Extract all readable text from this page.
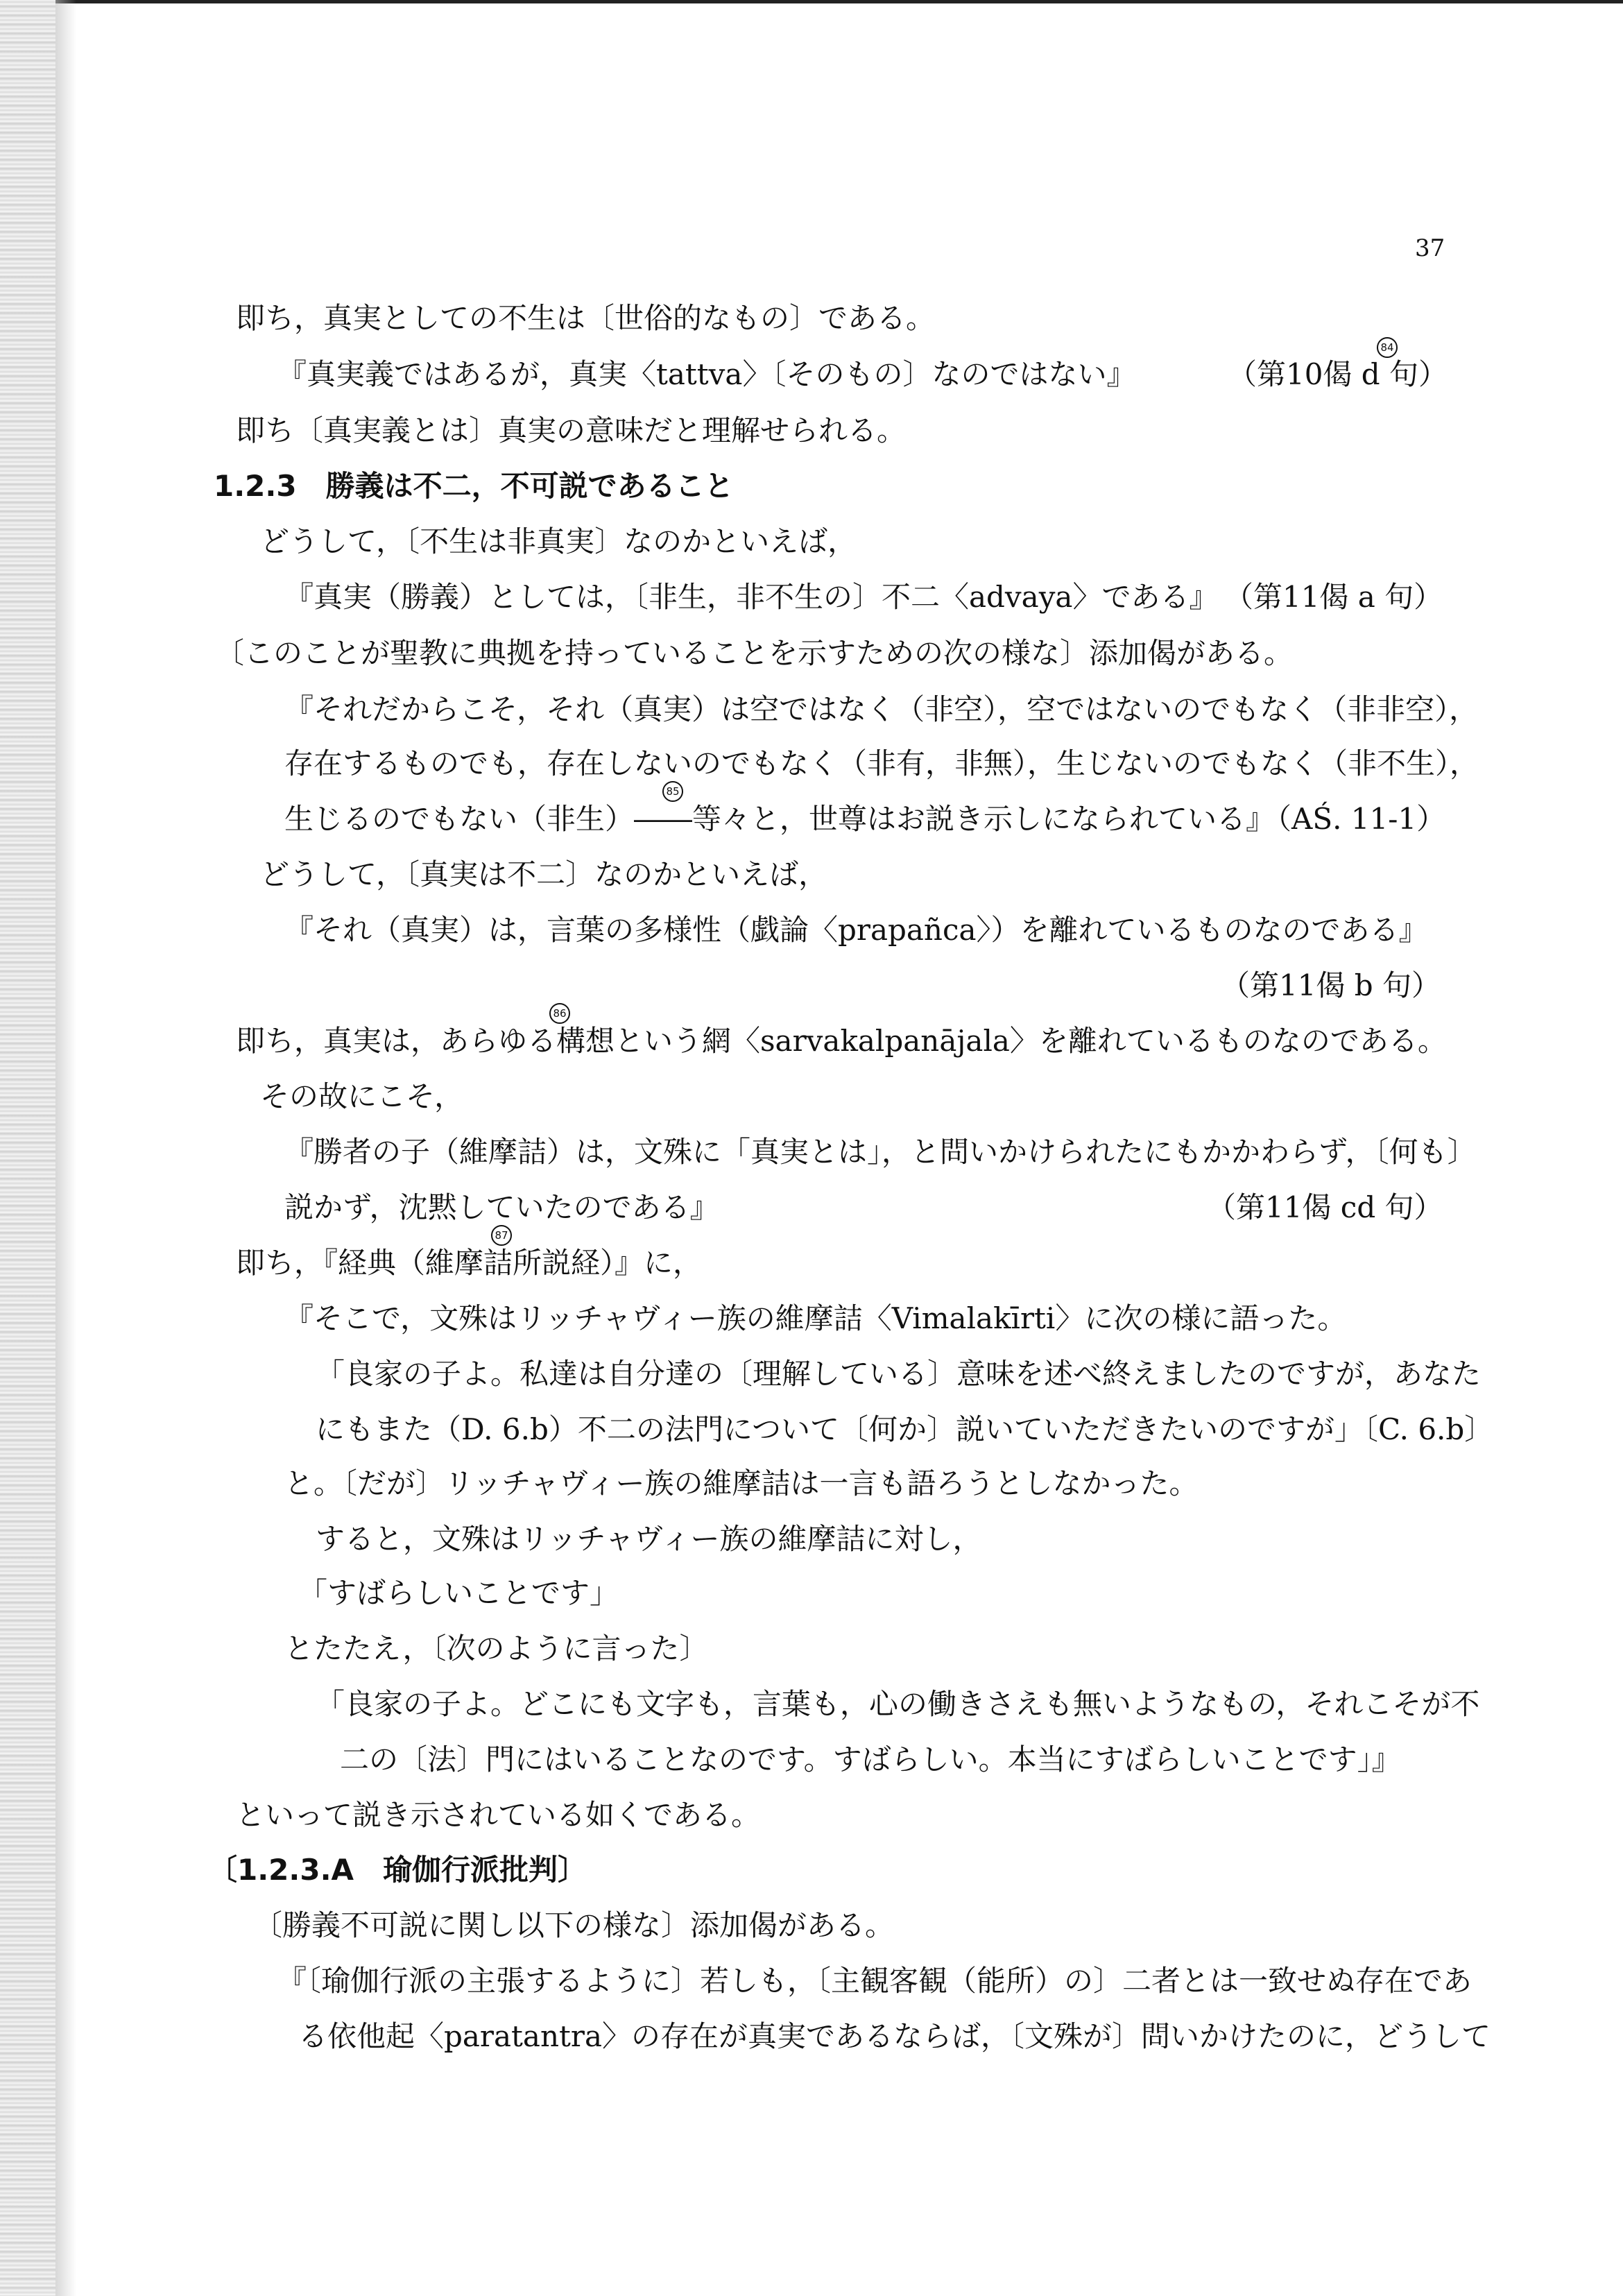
37
即ち，真実としての不生は〔世俗的なもの〕である。
『真実義ではあるが，真実〈tattva〉〔そのもの〕なのではない』
即ち〔真実義とは〕真実の意味だと理解せられる。
1.2.3　勝義は不二，不可説であること
どうして，〔不生は非真実〕なのかといえば，
『真実（勝義）としては，〔非生，非不生の〕不二〈advaya〉である』
〔このことが聖教に典拠を持っていることを示すための次の様な〕添加偈がある。
『それだからこそ，それ（真実）は空ではなく（非空），空ではないのでもなく（非非空），
存在するものでも，存在しないのでもなく（非有，非無），生じないのでもなく（非不生），
生じるのでもない（非生）――等々と，世尊はお説き示しになられている』
どうして，〔真実は不二〕なのかといえば，
『それ（真実）は，言葉の多様性（戯論〈prapañca〉）を離れているものなのである』
即ち，真実は，あらゆる構想という網〈sarvakalpanājala〉を離れているものなのである。
その故にこそ，
『勝者の子（維摩詰）は，文殊に「真実とは」，と問いかけられたにもかかわらず，〔何も〕
説かず，沈黙していたのである』
即ち，『経典（維摩詰所説経）』に，
『そこで，文殊はリッチャヴィー族の維摩詰〈Vimalakīrti〉に次の様に語った。
「良家の子よ。私達は自分達の〔理解している〕意味を述べ終えましたのですが，あなた
にもまた（D. 6.b）不二の法門について〔何か〕説いていただきたいのですが」〔C. 6.b〕
と。〔だが〕リッチャヴィー族の維摩詰は一言も語ろうとしなかった。
すると，文殊はリッチャヴィー族の維摩詰に対し，
「すばらしいことです」
とたたえ，〔次のように言った〕
「良家の子よ。どこにも文字も，言葉も，心の働きさえも無いようなもの，それこそが不
二の〔法〕門にはいることなのです。すばらしい。本当にすばらしいことです」』
といって説き示されている如くである。
〔1.2.3.A　瑜伽行派批判〕
〔勝義不可説に関し以下の様な〕添加偈がある。
『〔瑜伽行派の主張するように〕若しも，〔主観客観（能所）の〕二者とは一致せぬ存在であ
る依他起〈paratantra〉の存在が真実であるならば，〔文殊が〕問いかけたのに，どうして
（第10偈 d 句）
（第11偈 a 句）
（AŚ. 11-1）
（第11偈 b 句）
（第11偈 cd 句）
84
85
86
87
